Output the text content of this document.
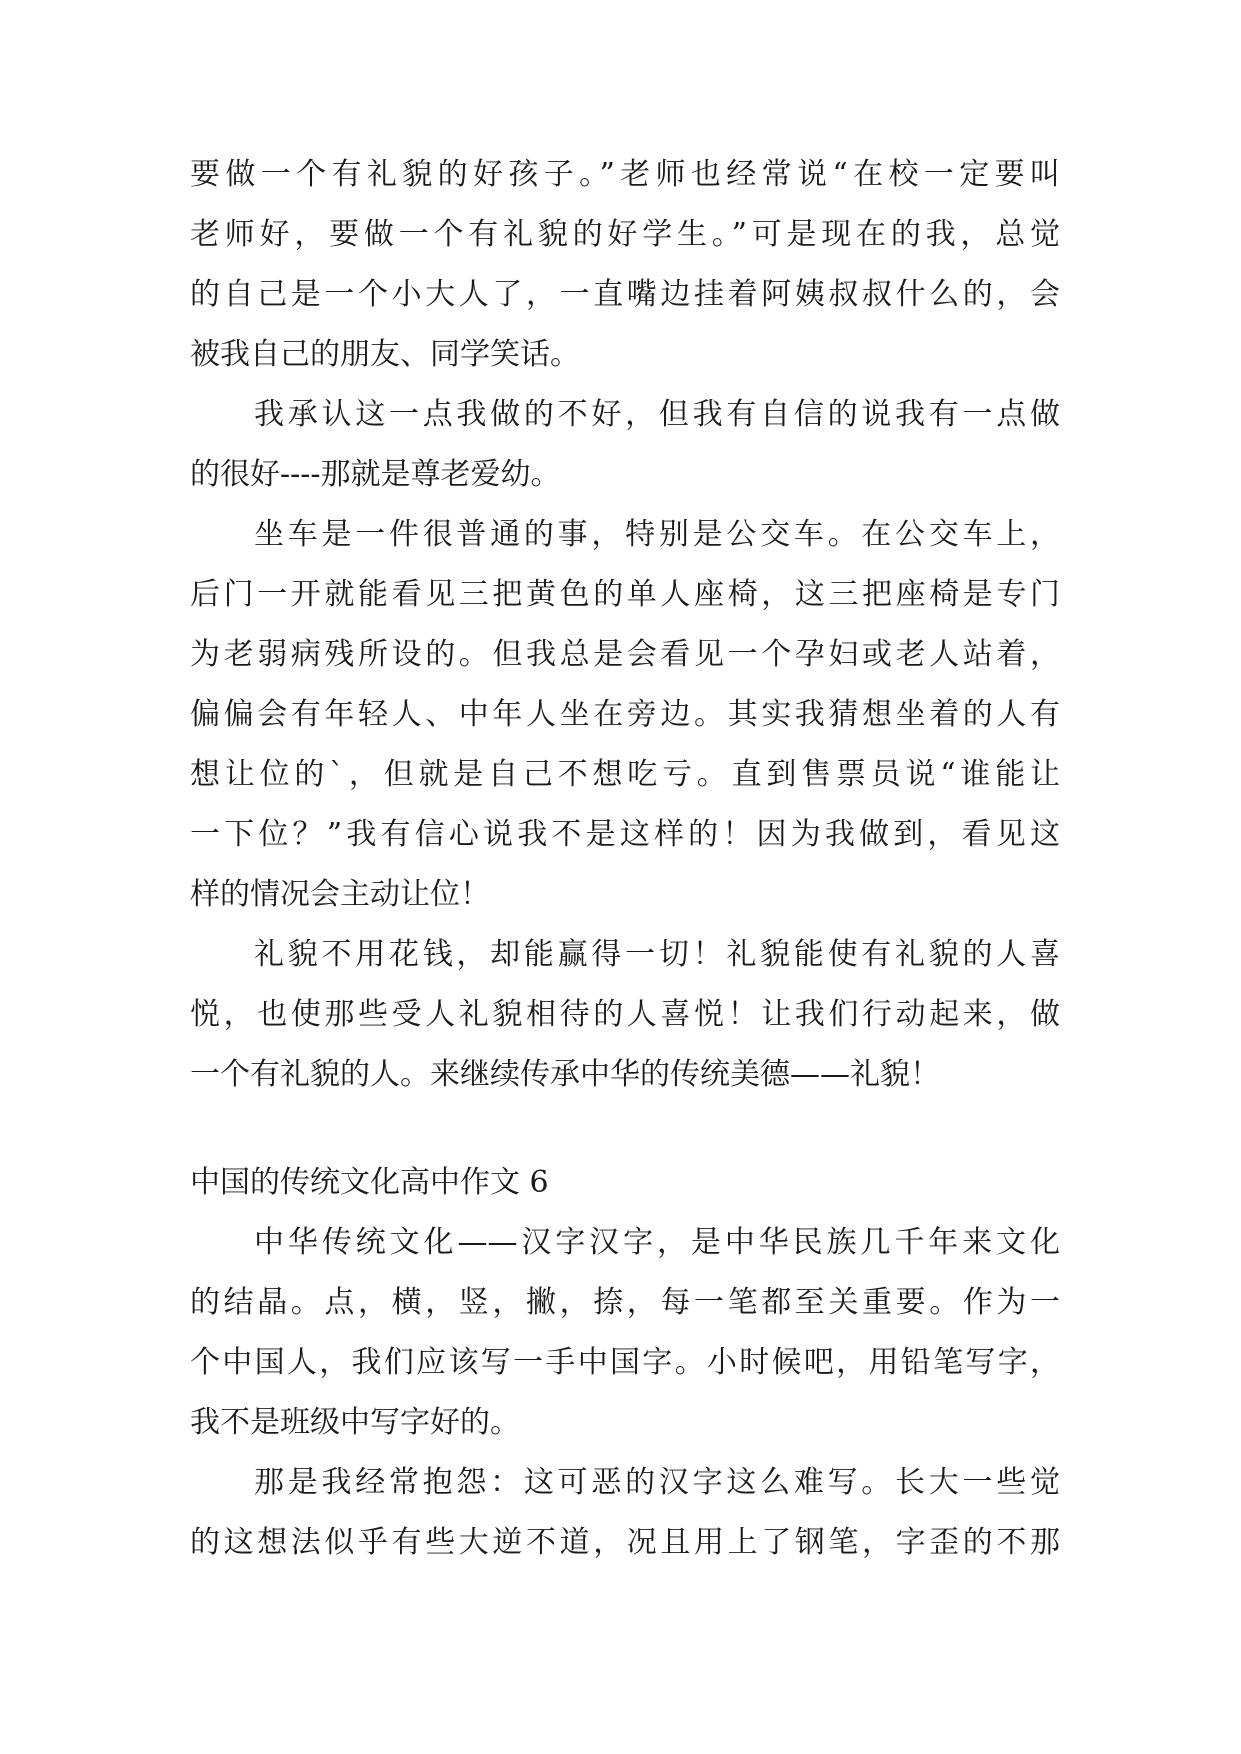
要做一个有礼貌的好孩子。”老师也经常说“在校一定要叫
老师好，要做一个有礼貌的好学生。”可是现在的我，总觉
的自己是一个小大人了，一直嘴边挂着阿姨叔叔什么的，会
被我自己的朋友、同学笑话。
我承认这一点我做的不好，但我有自信的说我有一点做
的很好----那就是尊老爱幼。
坐车是一件很普通的事，特别是公交车。在公交车上，
后门一开就能看见三把黄色的单人座椅，这三把座椅是专门
为老弱病残所设的。但我总是会看见一个孕妇或老人站着，
偏偏会有年轻人、中年人坐在旁边。其实我猜想坐着的人有
想让位的`，但就是自己不想吃亏。直到售票员说“谁能让
一下位？”我有信心说我不是这样的！因为我做到，看见这
样的情况会主动让位！
礼貌不用花钱，却能赢得一切！礼貌能使有礼貌的人喜
悦，也使那些受人礼貌相待的人喜悦！让我们行动起来，做
一个有礼貌的人。来继续传承中华的传统美德——礼貌！
中国的传统文化高中作文 6
中华传统文化——汉字汉字，是中华民族几千年来文化
的结晶。点，横，竖，撇，捺，每一笔都至关重要。作为一
个中国人，我们应该写一手中国字。小时候吧，用铅笔写字，
我不是班级中写字好的。
那是我经常抱怨：这可恶的汉字这么难写。长大一些觉
的这想法似乎有些大逆不道，况且用上了钢笔，字歪的不那
